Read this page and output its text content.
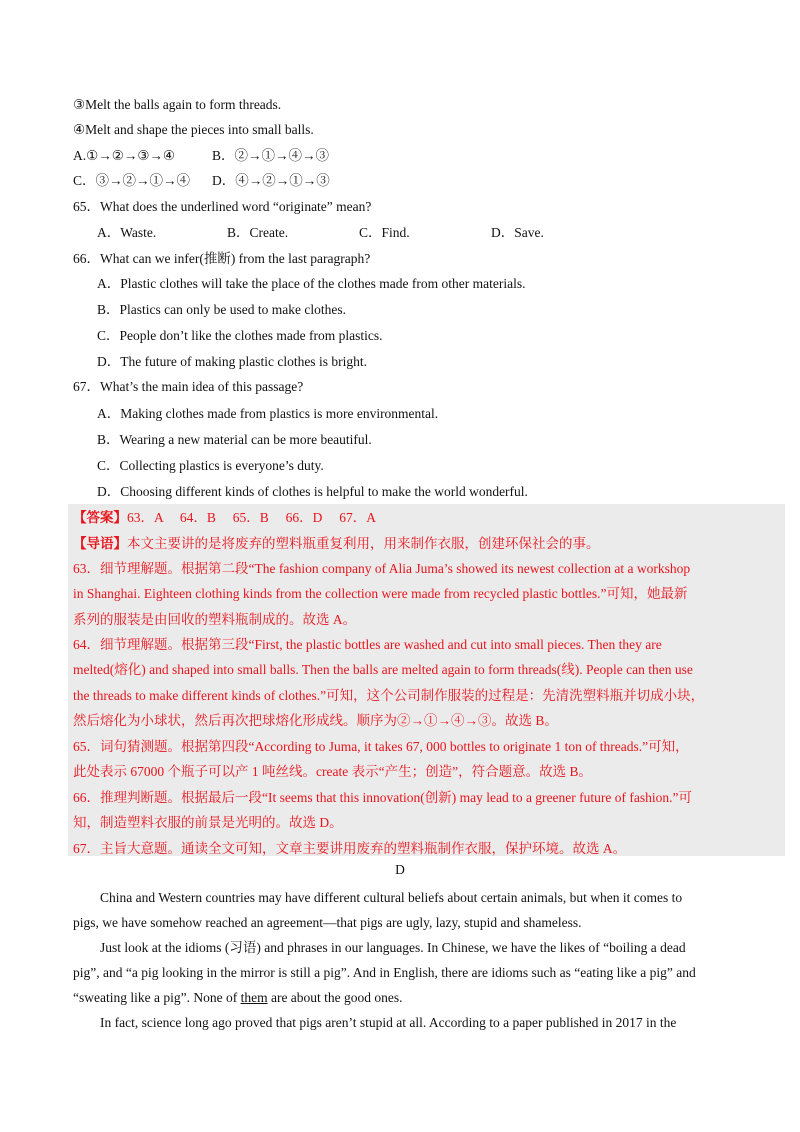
③Melt the balls again to form threads.
④Melt and shape the pieces into small balls.
A.①→②→③→④	B．②→①→④→③
C．③→②→①→④ D．④→②→①→③
65．What does the underlined word “originate” mean?
A．Waste.	B．Create.	C．Find.	D．Save.
66．What can we infer(推断) from the last paragraph?
A．Plastic clothes will take the place of the clothes made from other materials.
B．Plastics can only be used to make clothes.
C．People don’t like the clothes made from plastics.
D．The future of making plastic clothes is bright.
67．What’s the main idea of this passage?
A．Making clothes made from plastics is more environmental.
B．Wearing a new material can be more beautiful.
C．Collecting plastics is everyone’s duty.
D．Choosing different kinds of clothes is helpful to make the world wonderful.
【答案】63．A　 64．B　 65．B　 66．D　 67．A
【导语】本文主要讲的是将废弃的塑料瓶重复利用，用来制作衣服，创建环保社会的事。
63．细节理解题。根据第二段“The fashion company of Alia Juma’s showed its newest collection at a workshop
in Shanghai. Eighteen clothing kinds from the collection were made from recycled plastic bottles.”可知，她最新
系列的服装是由回收的塑料瓶制成的。故选 A。
64．细节理解题。根据第三段“First, the plastic bottles are washed and cut into small pieces. Then they are
melted(熔化) and shaped into small balls. Then the balls are melted again to form threads(线). People can then use
the threads to make different kinds of clothes.”可知，这个公司制作服装的过程是：先清洗塑料瓶并切成小块，
然后熔化为小球状，然后再次把球熔化形成线。顺序为②→①→④→③。故选 B。
65．词句猜测题。根据第四段“According to Juma, it takes 67, 000 bottles to originate 1 ton of threads.”可知，
此处表示 67000 个瓶子可以产 1 吨丝线。create 表示“产生；创造”，符合题意。故选 B。
66．推理判断题。根据最后一段“It seems that this innovation(创新) may lead to a greener future of fashion.”可
知，制造塑料衣服的前景是光明的。故选 D。
67．主旨大意题。通读全文可知，文章主要讲用废弃的塑料瓶制作衣服，保护环境。故选 A。
D
China and Western countries may have different cultural beliefs about certain animals, but when it comes to
pigs, we have somehow reached an agreement—that pigs are ugly, lazy, stupid and shameless.
Just look at the idioms (习语) and phrases in our languages. In Chinese, we have the likes of “boiling a dead
pig”, and “a pig looking in the mirror is still a pig”. And in English, there are idioms such as “eating like a pig” and
“sweating like a pig”. None of them are about the good ones.
In fact, science long ago proved that pigs aren’t stupid at all. According to a paper published in 2017 in the
